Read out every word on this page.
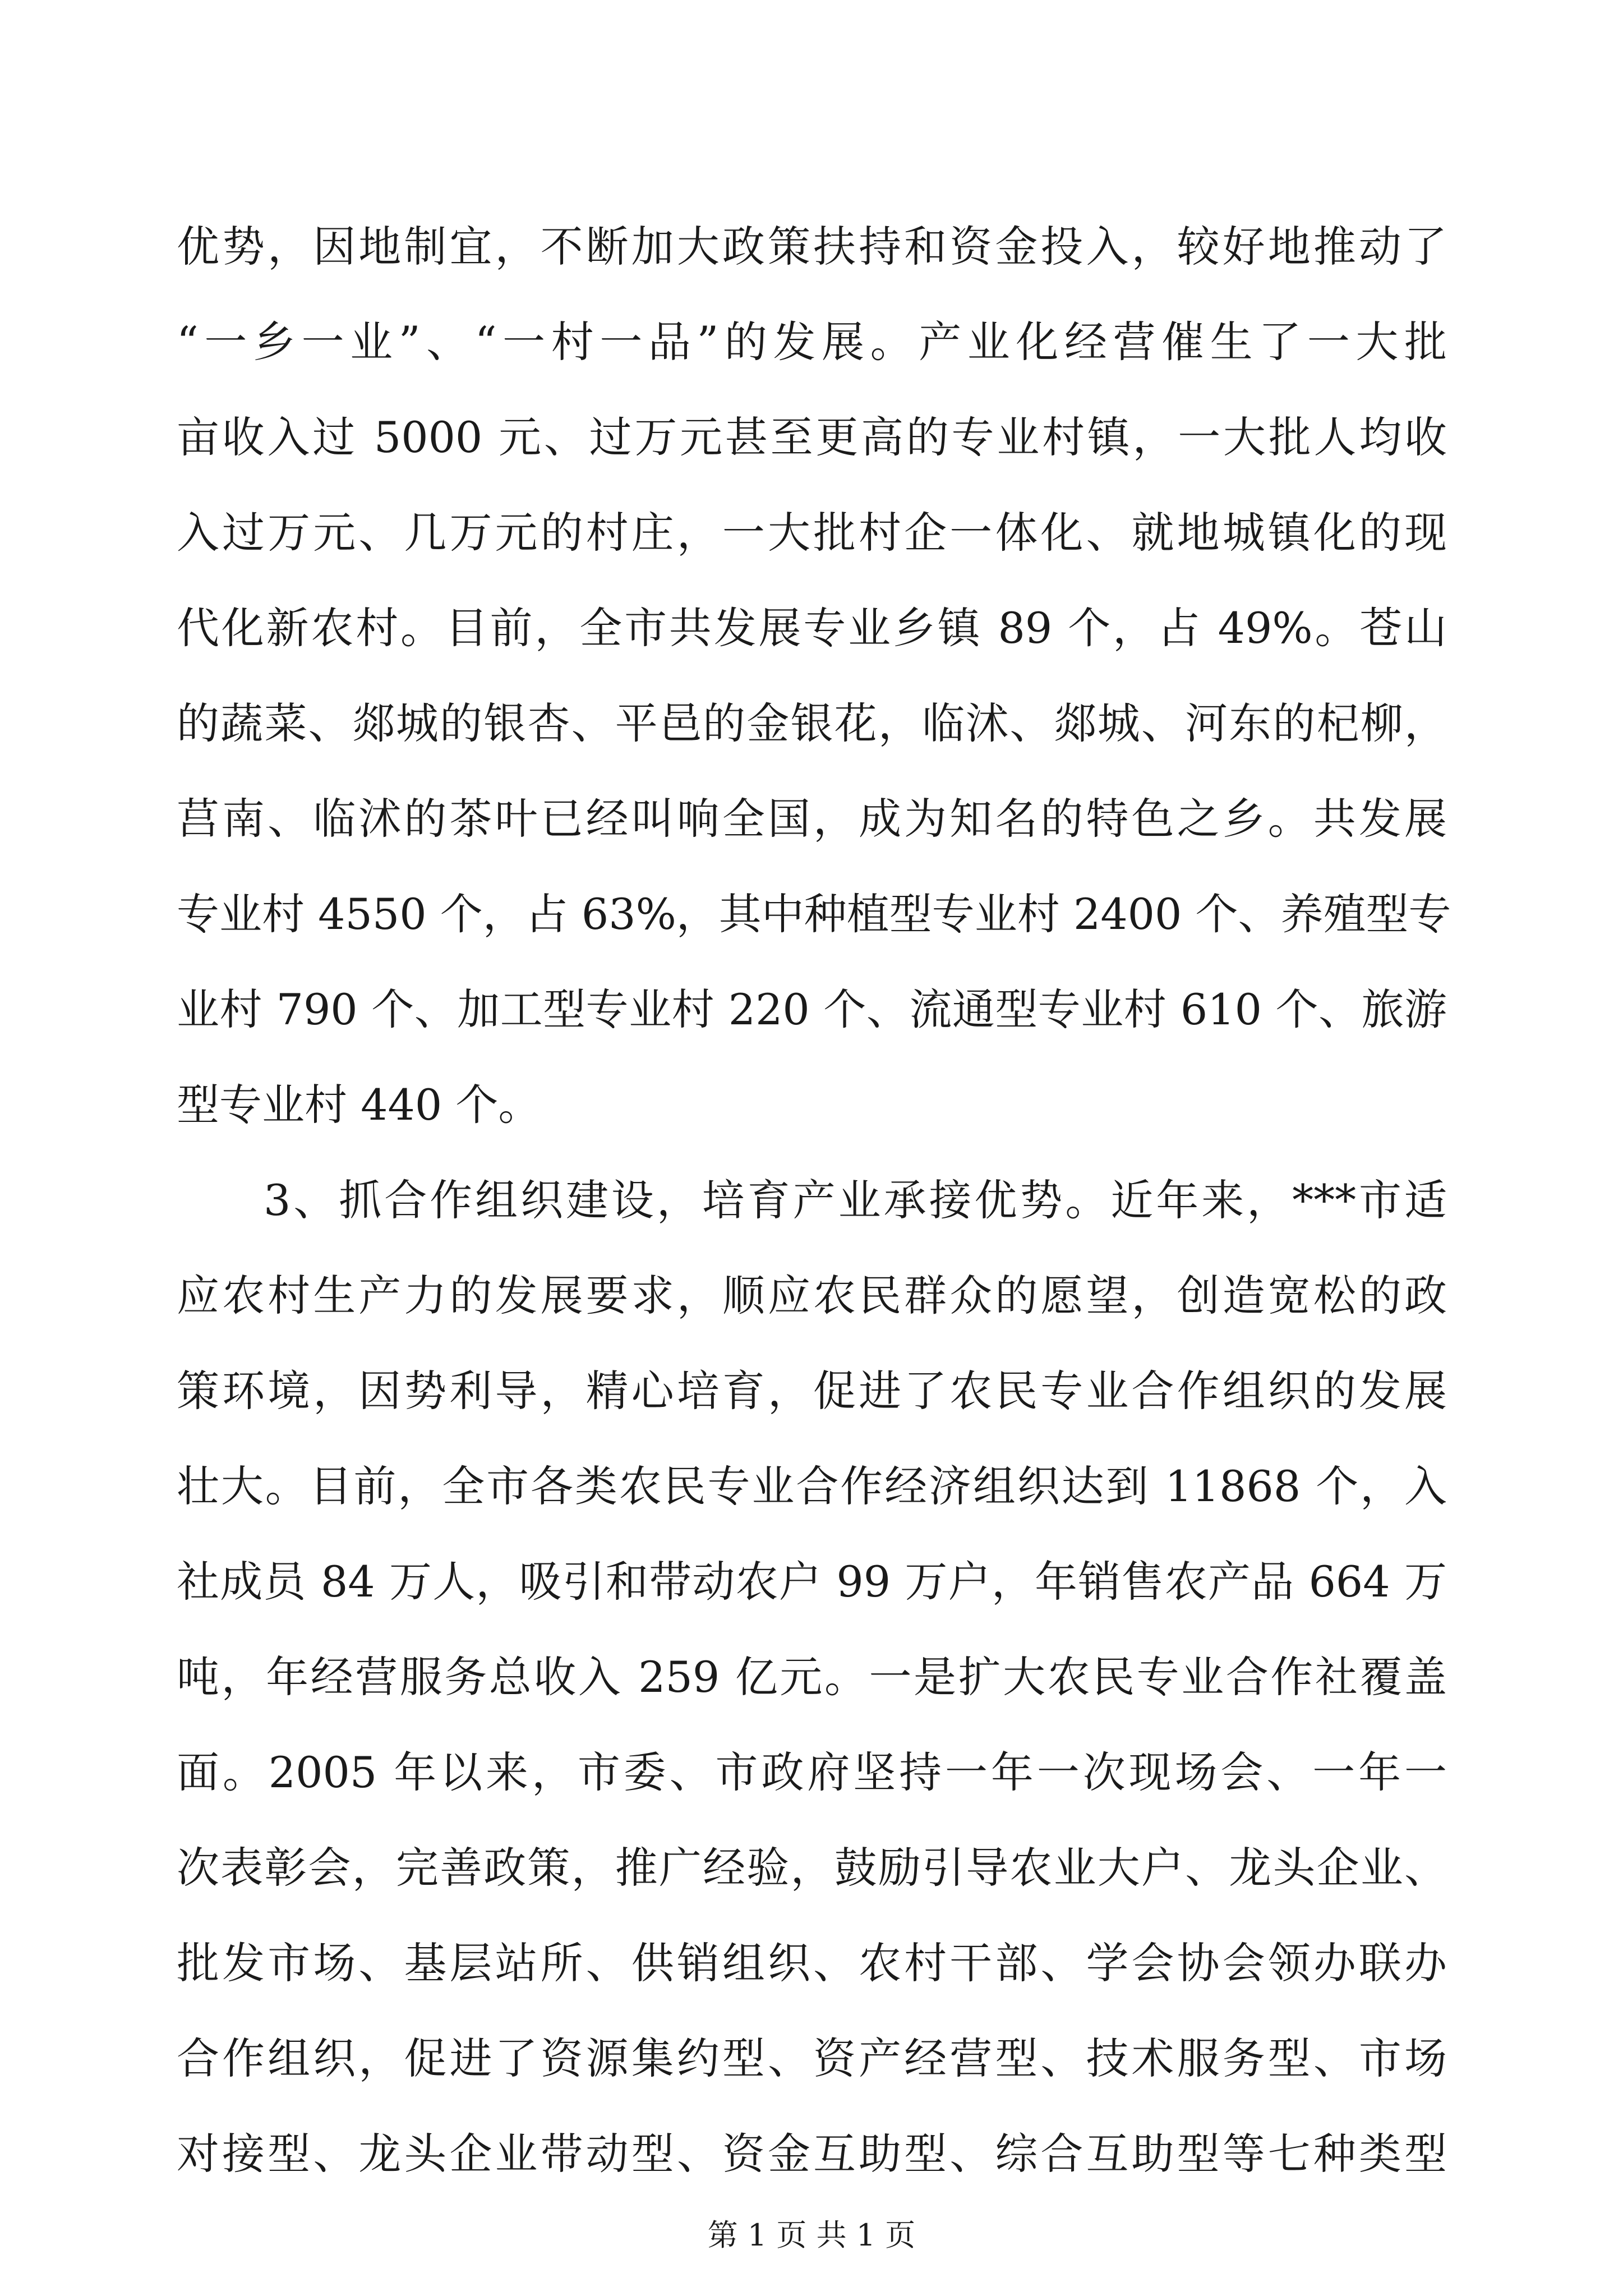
优势，因地制宜，不断加大政策扶持和资金投入，较好地推动了
“一乡一业”、“一村一品”的发展。产业化经营催生了一大批
亩收入过 5000 元、过万元甚至更高的专业村镇，一大批人均收
入过万元、几万元的村庄，一大批村企一体化、就地城镇化的现
代化新农村。目前，全市共发展专业乡镇 89 个，占 49%。苍山
的蔬菜、郯城的银杏、平邑的金银花，临沭、郯城、河东的杞柳，
莒南、临沭的茶叶已经叫响全国，成为知名的特色之乡。共发展
专业村 4550 个，占 63%，其中种植型专业村 2400 个、养殖型专
业村 790 个、加工型专业村 220 个、流通型专业村 610 个、旅游
型专业村 440 个。
3、抓合作组织建设，培育产业承接优势。近年来，***市适
应农村生产力的发展要求，顺应农民群众的愿望，创造宽松的政
策环境，因势利导，精心培育，促进了农民专业合作组织的发展
壮大。目前，全市各类农民专业合作经济组织达到 11868 个，入
社成员 84 万人，吸引和带动农户 99 万户，年销售农产品 664 万
吨，年经营服务总收入 259 亿元。一是扩大农民专业合作社覆盖
面。2005 年以来，市委、市政府坚持一年一次现场会、一年一
次表彰会，完善政策，推广经验，鼓励引导农业大户、龙头企业、
批发市场、基层站所、供销组织、农村干部、学会协会领办联办
合作组织，促进了资源集约型、资产经营型、技术服务型、市场
对接型、龙头企业带动型、资金互助型、综合互助型等七种类型
第 1 页 共 1 页
